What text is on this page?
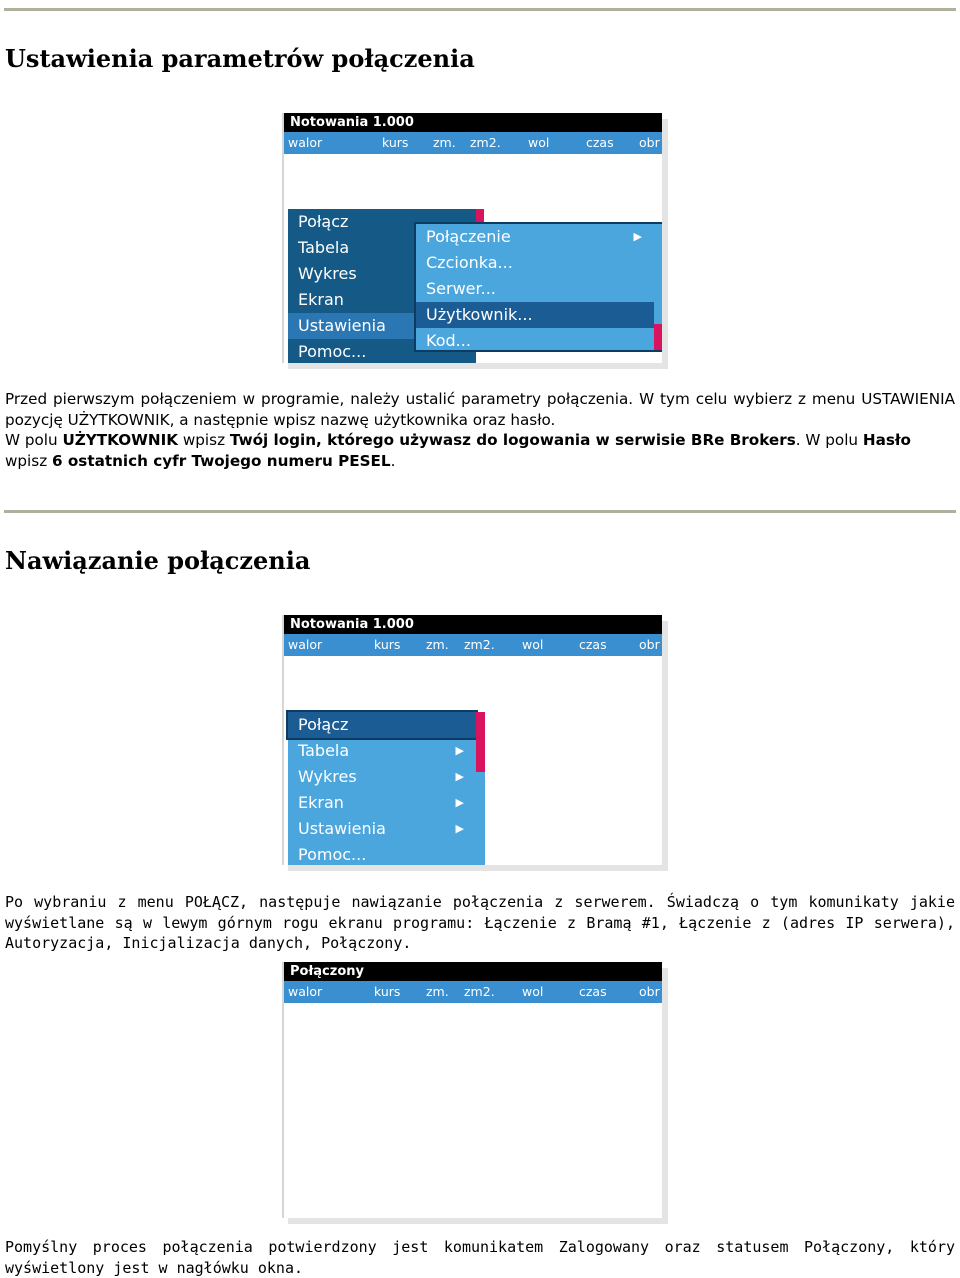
Ustawienia parametrów połączenia
Notowania 1.000
walor	kurs zm. zm2. wol	czas obr
Połącz
Tabela
Wykres
Ekran
Ustawienia
Pomoc...
Połączenie	▶
Czcionka...
Serwer...
Użytkownik...
Kod...

Przed pierwszym połączeniem w programie, należy ustalić parametry połączenia. W tym celu wybierz z menu USTAWIENIA pozycję UŻYTKOWNIK, a następnie wpisz nazwę użytkownika oraz hasło.

W polu UŻYTKOWNIK wpisz Twój login, którego używasz do logowania w serwisie BRe Brokers. W polu Hasło wpisz 6 ostatnich cyfr Twojego numeru PESEL.

Nawiązanie połączenia
Notowania 1.000
walor	kurs zm. zm2. wol	czas	obr
Połącz
Tabela	▶
Wykres	▶
Ekran	▶
Ustawienia	▶
Pomoc...

Po wybraniu z menu POŁĄCZ, następuje nawiązanie połączenia z serwerem. Świadczą o tym komunikaty jakie wyświetlane są w lewym górnym rogu ekranu programu: Łączenie z Bramą #1, Łączenie z (adres IP serwera), Autoryzacja, Inicjalizacja danych, Połączony.

Połączony
walor	kurs zm. zm2. wol	czas	obr

Pomyślny proces połączenia potwierdzony jest komunikatem Zalogowany oraz statusem Połączony, który wyświetlony jest w nagłówku okna.
